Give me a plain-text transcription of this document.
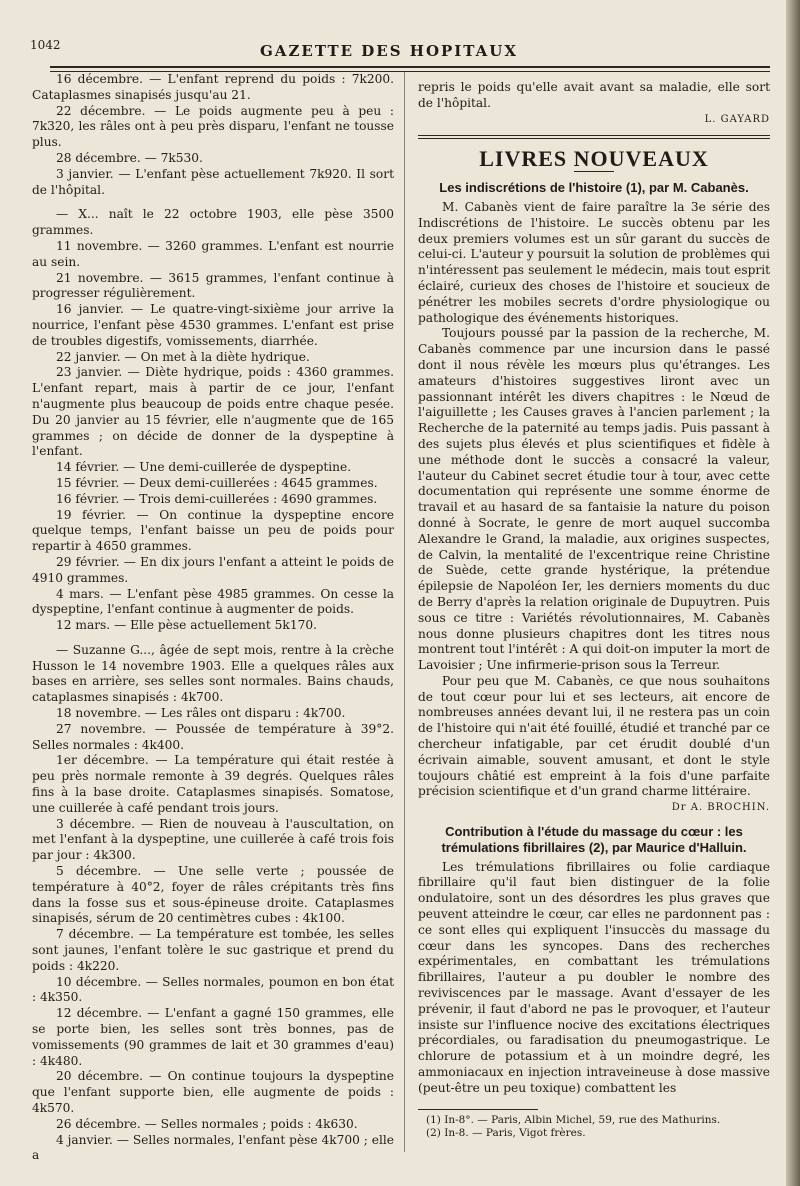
1042	GAZETTE DES HOPITAUX

16 décembre. — L'enfant reprend du poids : 7k200. Cataplasmes sinapisés jusqu'au 21.

22 décembre. — Le poids augmente peu à peu : 7k320, les râles ont à peu près disparu, l'enfant ne tousse plus.

28 décembre. — 7k530.

3 janvier. — L'enfant pèse actuellement 7k920. Il sort de l'hôpital.

— X... naît le 22 octobre 1903, elle pèse 3500 grammes.

11 novembre. — 3260 grammes. L'enfant est nourrie au sein.

21 novembre. — 3615 grammes, l'enfant continue à progresser régulièrement.

16 janvier. — Le quatre-vingt-sixième jour arrive la nourrice, l'enfant pèse 4530 grammes. L'enfant est prise de troubles digestifs, vomissements, diarrhée.

22 janvier. — On met à la diète hydrique.

23 janvier. — Diète hydrique, poids : 4360 grammes. L'enfant repart, mais à partir de ce jour, l'enfant n'augmente plus beaucoup de poids entre chaque pesée. Du 20 janvier au 15 février, elle n'augmente que de 165 grammes ; on décide de donner de la dyspeptine à l'enfant.

14 février. — Une demi-cuillerée de dyspeptine.

15 février. — Deux demi-cuillerées : 4645 grammes.

16 février. — Trois demi-cuillerées : 4690 grammes.

19 février. — On continue la dyspeptine encore quelque temps, l'enfant baisse un peu de poids pour repartir à 4650 grammes.

29 février. — En dix jours l'enfant a atteint le poids de 4910 grammes.

4 mars. — L'enfant pèse 4985 grammes. On cesse la dyspeptine, l'enfant continue à augmenter de poids.

12 mars. — Elle pèse actuellement 5k170.

— Suzanne G..., âgée de sept mois, rentre à la crèche Husson le 14 novembre 1903. Elle a quelques râles aux bases en arrière, ses selles sont normales. Bains chauds, cataplasmes sinapisés : 4k700.

18 novembre. — Les râles ont disparu : 4k700.

27 novembre. — Poussée de température à 39°2. Selles normales : 4k400.

1er décembre. — La température qui était restée à peu près normale remonte à 39 degrés. Quelques râles fins à la base droite. Cataplasmes sinapisés. Somatose, une cuillerée à café pendant trois jours.

3 décembre. — Rien de nouveau à l'auscultation, on met l'enfant à la dyspeptine, une cuillerée à café trois fois par jour : 4k300.

5 décembre. — Une selle verte ; poussée de température à 40°2, foyer de râles crépitants très fins dans la fosse sus et sous-épineuse droite. Cataplasmes sinapisés, sérum de 20 centimètres cubes : 4k100.

7 décembre. — La température est tombée, les selles sont jaunes, l'enfant tolère le suc gastrique et prend du poids : 4k220.

10 décembre. — Selles normales, poumon en bon état : 4k350.

12 décembre. — L'enfant a gagné 150 grammes, elle se porte bien, les selles sont très bonnes, pas de vomissements (90 grammes de lait et 30 grammes d'eau) : 4k480.

20 décembre. — On continue toujours la dyspeptine que l'enfant supporte bien, elle augmente de poids : 4k570.

26 décembre. — Selles normales ; poids : 4k630.

4 janvier. — Selles normales, l'enfant pèse 4k700 ; elle a

repris le poids qu'elle avait avant sa maladie, elle sort de l'hôpital.

L. GAYARD

LIVRES NOUVEAUX
Les indiscrétions de l'histoire (1), par M. Cabanès.

M. Cabanès vient de faire paraître la 3e série des Indiscrétions de l'histoire. Le succès obtenu par les deux premiers volumes est un sûr garant du succès de celui-ci. L'auteur y poursuit la solution de problèmes qui n'intéressent pas seulement le médecin, mais tout esprit éclairé, curieux des choses de l'histoire et soucieux de pénétrer les mobiles secrets d'ordre physiologique ou pathologique des événements historiques.

Toujours poussé par la passion de la recherche, M. Cabanès commence par une incursion dans le passé dont il nous révèle les mœurs plus qu'étranges. Les amateurs d'histoires suggestives liront avec un passionnant intérêt les divers chapitres : le Nœud de l'aiguillette ; les Causes graves à l'ancien parlement ; la Recherche de la paternité au temps jadis. Puis passant à des sujets plus élevés et plus scientifiques et fidèle à une méthode dont le succès a consacré la valeur, l'auteur du Cabinet secret étudie tour à tour, avec cette documentation qui représente une somme énorme de travail et au hasard de sa fantaisie la nature du poison donné à Socrate, le genre de mort auquel succomba Alexandre le Grand, la maladie, aux origines suspectes, de Calvin, la mentalité de l'excentrique reine Christine de Suède, cette grande hystérique, la prétendue épilepsie de Napoléon Ier, les derniers moments du duc de Berry d'après la relation originale de Dupuytren. Puis sous ce titre : Variétés révolutionnaires, M. Cabanès nous donne plusieurs chapitres dont les titres nous montrent tout l'intérêt : A qui doit-on imputer la mort de Lavoisier ; Une infirmerie-prison sous la Terreur.

Pour peu que M. Cabanès, ce que nous souhaitons de tout cœur pour lui et ses lecteurs, ait encore de nombreuses années devant lui, il ne restera pas un coin de l'histoire qui n'ait été fouillé, étudié et tranché par ce chercheur infatigable, par cet érudit doublé d'un écrivain aimable, souvent amusant, et dont le style toujours châtié est empreint à la fois d'une parfaite précision scientifique et d'un grand charme littéraire.

Dr A. BROCHIN.

Contribution à l'étude du massage du cœur : les trémulations fibrillaires (2), par Maurice d'Halluin.

Les trémulations fibrillaires ou folie cardiaque fibrillaire qu'il faut bien distinguer de la folie ondulatoire, sont un des désordres les plus graves que peuvent atteindre le cœur, car elles ne pardonnent pas : ce sont elles qui expliquent l'insuccès du massage du cœur dans les syncopes. Dans des recherches expérimentales, en combattant les trémulations fibrillaires, l'auteur a pu doubler le nombre des reviviscences par le massage. Avant d'essayer de les prévenir, il faut d'abord ne pas le provoquer, et l'auteur insiste sur l'influence nocive des excitations électriques précordiales, ou faradisation du pneumogastrique. Le chlorure de potassium et à un moindre degré, les ammoniacaux en injection intraveineuse à dose massive (peut-être un peu toxique) combattent les

(1) In-8°. — Paris, Albin Michel, 59, rue des Mathurins.

(2) In-8. — Paris, Vigot frères.
